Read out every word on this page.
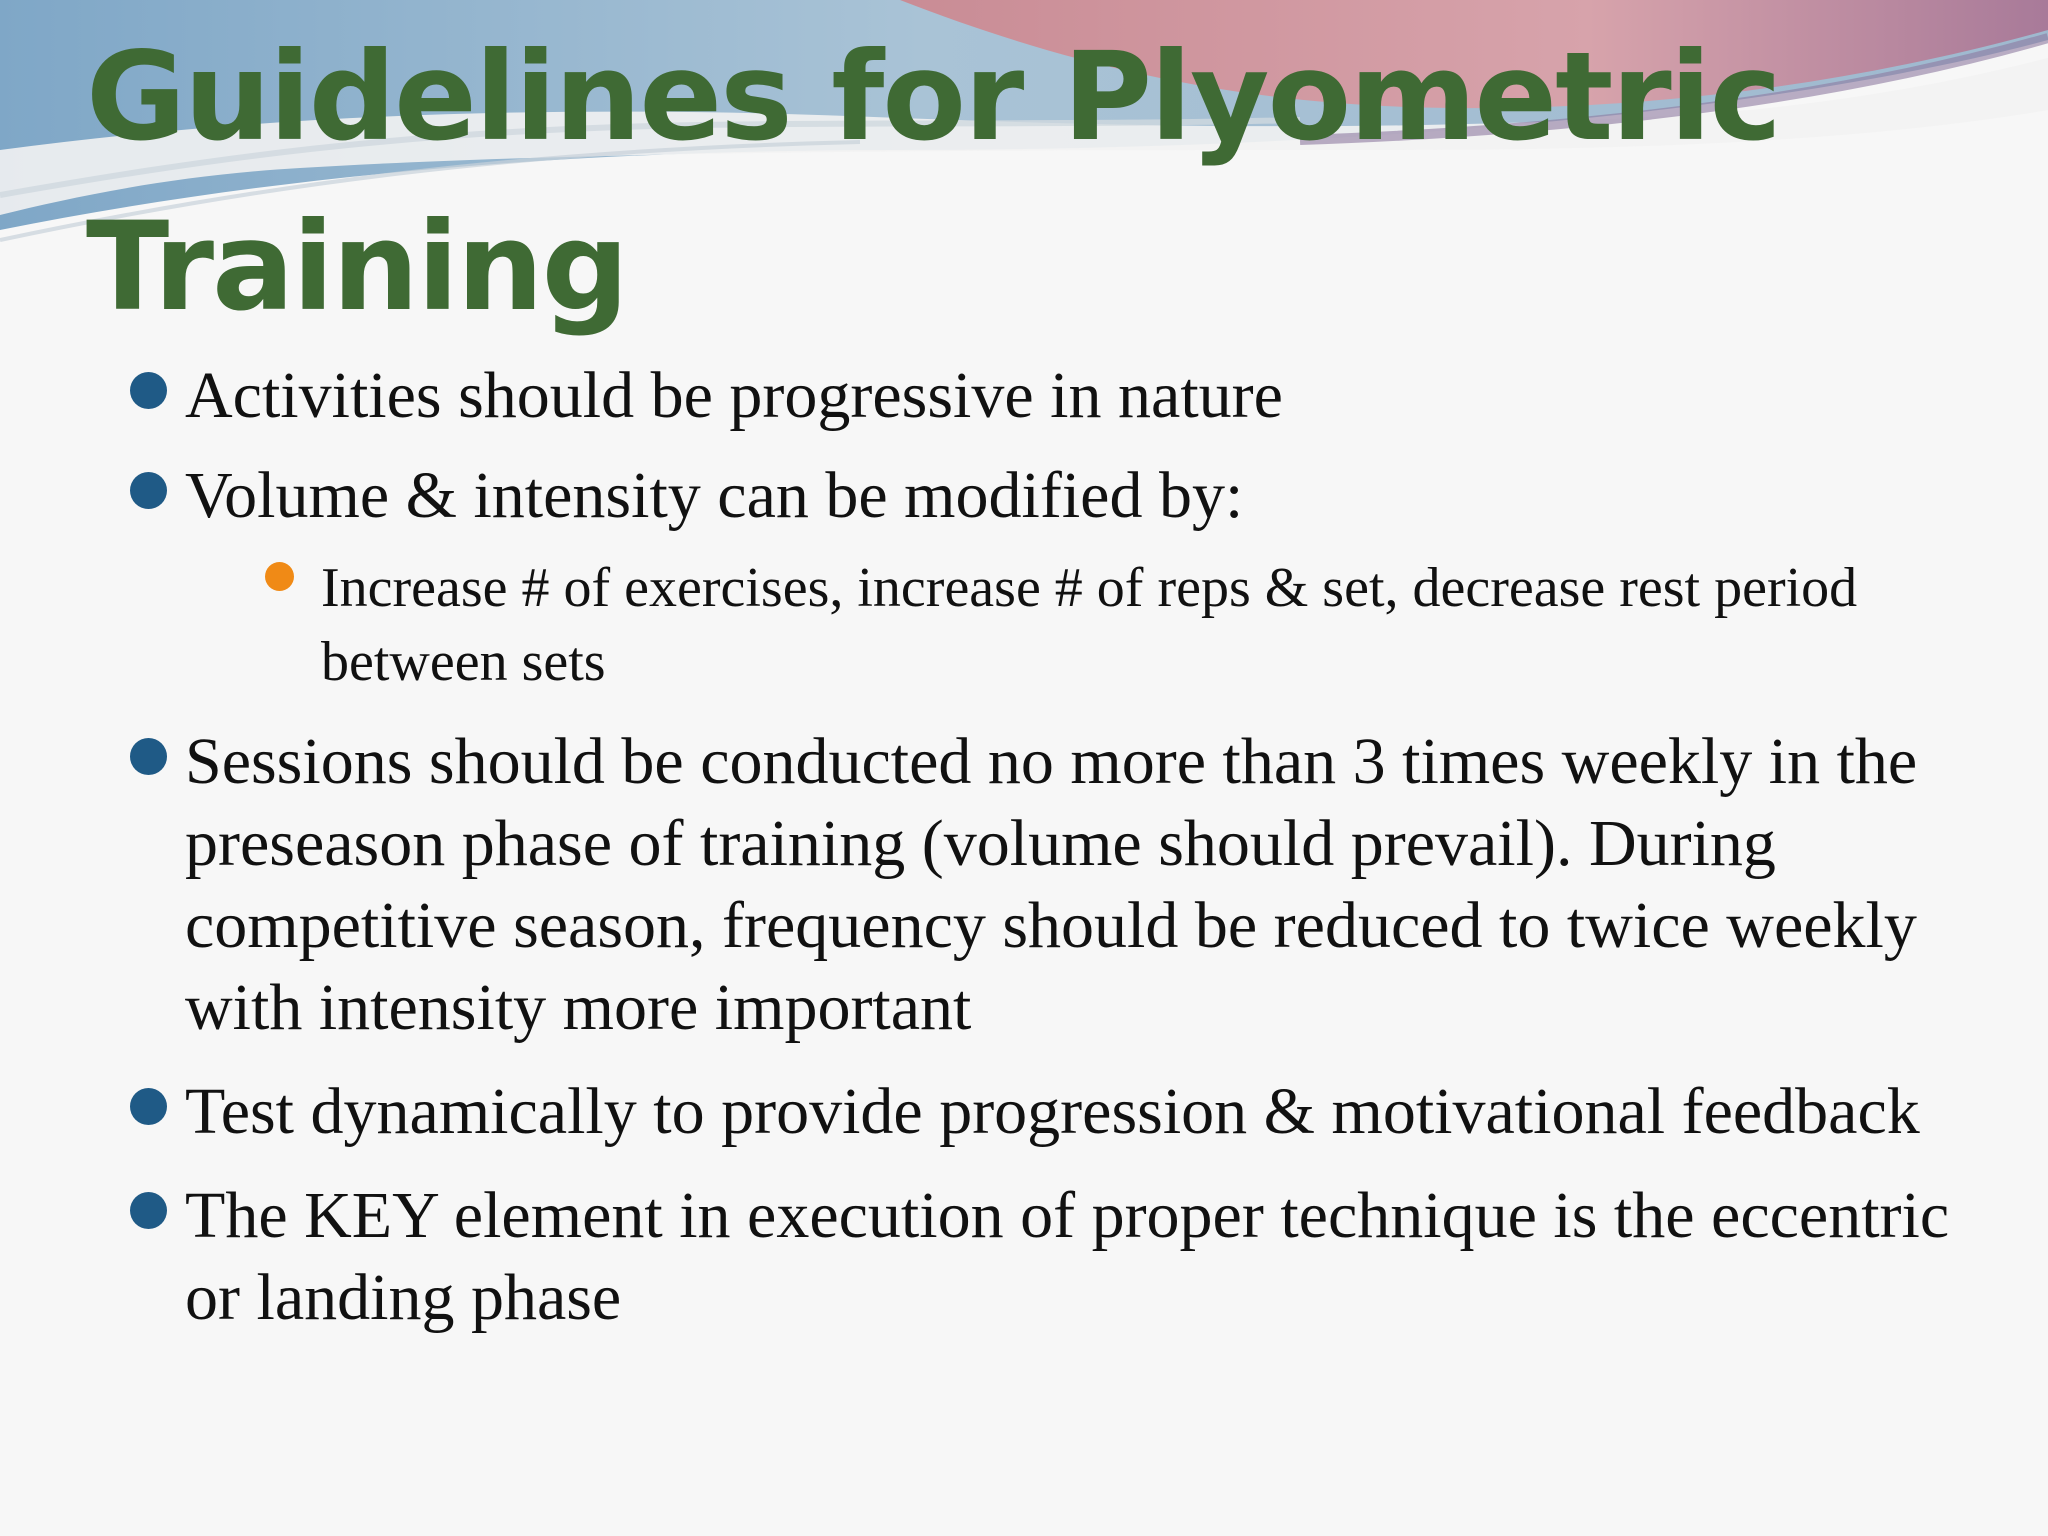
Guidelines for Plyometric Training

Activities should be progressive in nature

Volume & intensity can be modified by:

Increase # of exercises, increase # of reps & set, decrease rest period between sets

Sessions should be conducted no more than 3 times weekly in the preseason phase of training (volume should prevail). During competitive season, frequency should be reduced to twice weekly with intensity more important

Test dynamically to provide progression & motivational feedback

The KEY element in execution of proper technique is the eccentric or landing phase
